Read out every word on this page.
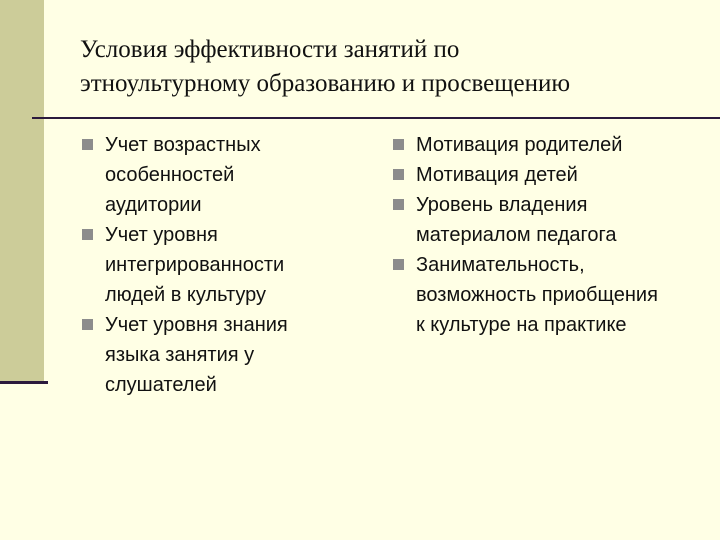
Условия эффективности занятий по
этноультурному образованию и просвещению
Учет возрастных особенностей аудитории
Учет уровня интегрированности людей в культуру
Учет уровня знания языка занятия у слушателей
Мотивация родителей
Мотивация детей
Уровень владения материалом педагога
Занимательность, возможность приобщения к культуре на практике
